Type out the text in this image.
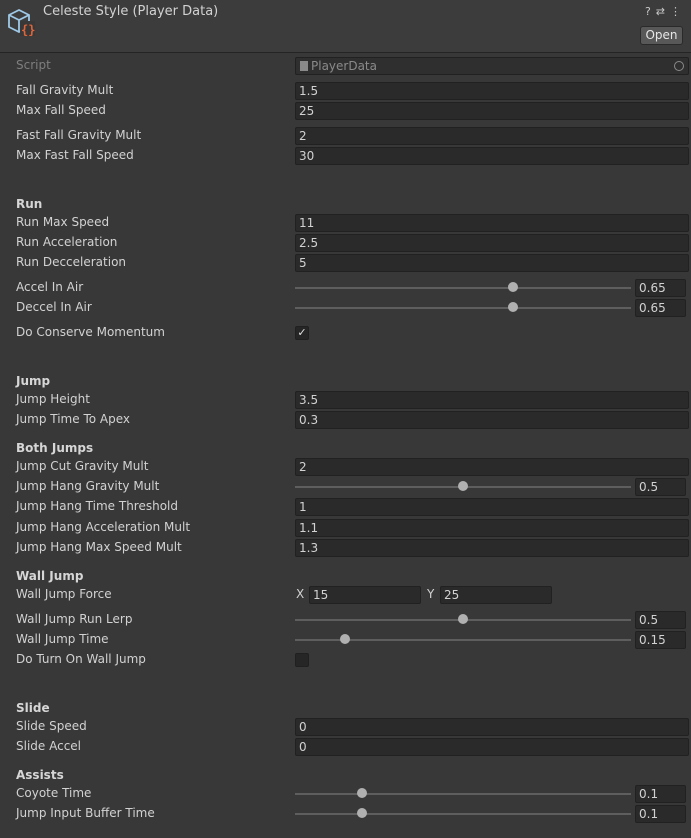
{}
Celeste Style (Player Data)	? ⇄ ⋮
Open
Script	PlayerData
Fall Gravity Mult	1.5
Max Fall Speed	25
Fast Fall Gravity Mult	2
Max Fast Fall Speed	30
Run
Run Max Speed	11
Run Acceleration	2.5
Run Decceleration	5
Accel In Air	0.65
Deccel In Air	0.65
Do Conserve Momentum	✓
Jump
Jump Height	3.5
Jump Time To Apex	0.3
Both Jumps
Jump Cut Gravity Mult	2
Jump Hang Gravity Mult	0.5
Jump Hang Time Threshold	1
Jump Hang Acceleration Mult	1.1
Jump Hang Max Speed Mult	1.3
Wall Jump
Wall Jump Force	X 15	Y 25
Wall Jump Run Lerp	0.5
Wall Jump Time	0.15
Do Turn On Wall Jump
Slide
Slide Speed	0
Slide Accel	0
Assists
Coyote Time	0.1
Jump Input Buffer Time	0.1
